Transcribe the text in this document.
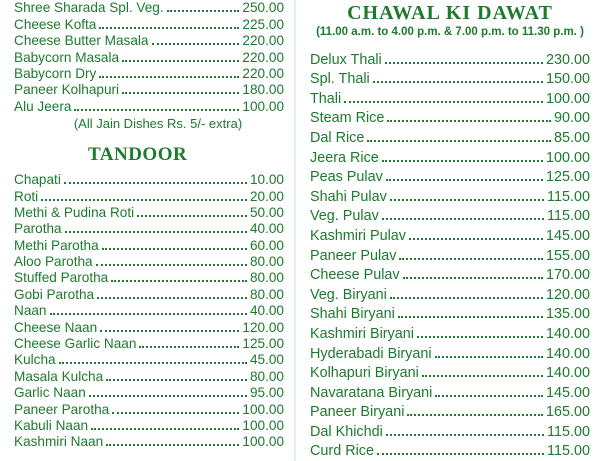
Shree Sharada Spl. Veg.	250.00
Cheese Kofta	225.00
Cheese Butter Masala	220.00
Babycorn Masala	220.00
Babycorn Dry	220.00
Paneer Kolhapuri	180.00
Alu Jeera	100.00
(All Jain Dishes Rs. 5/- extra)
TANDOOR
Chapati	10.00
Roti	20.00
Methi & Pudina Roti	50.00
Parotha	40.00
Methi Parotha	60.00
Aloo Parotha	80.00
Stuffed Parotha	80.00
Gobi Parotha	80.00
Naan	40.00
Cheese Naan	120.00
Cheese Garlic Naan	125.00
Kulcha	45.00
Masala Kulcha	80.00
Garlic Naan	95.00
Paneer Parotha	100.00
Kabuli Naan	100.00
Kashmiri Naan	100.00
CHAWAL KI DAWAT
(11.00 a.m. to 4.00 p.m. & 7.00 p.m. to 11.30 p.m. )
Delux Thali	230.00
Spl. Thali	150.00
Thali	100.00
Steam Rice	90.00
Dal Rice	85.00
Jeera Rice	100.00
Peas Pulav	125.00
Shahi Pulav	115.00
Veg. Pulav	115.00
Kashmiri Pulav	145.00
Paneer Pulav	155.00
Cheese Pulav	170.00
Veg. Biryani	120.00
Shahi Biryani	135.00
Kashmiri Biryani	140.00
Hyderabadi Biryani	140.00
Kolhapuri Biryani	140.00
Navaratana Biryani	145.00
Paneer Biryani	165.00
Dal Khichdi	115.00
Curd Rice	115.00
